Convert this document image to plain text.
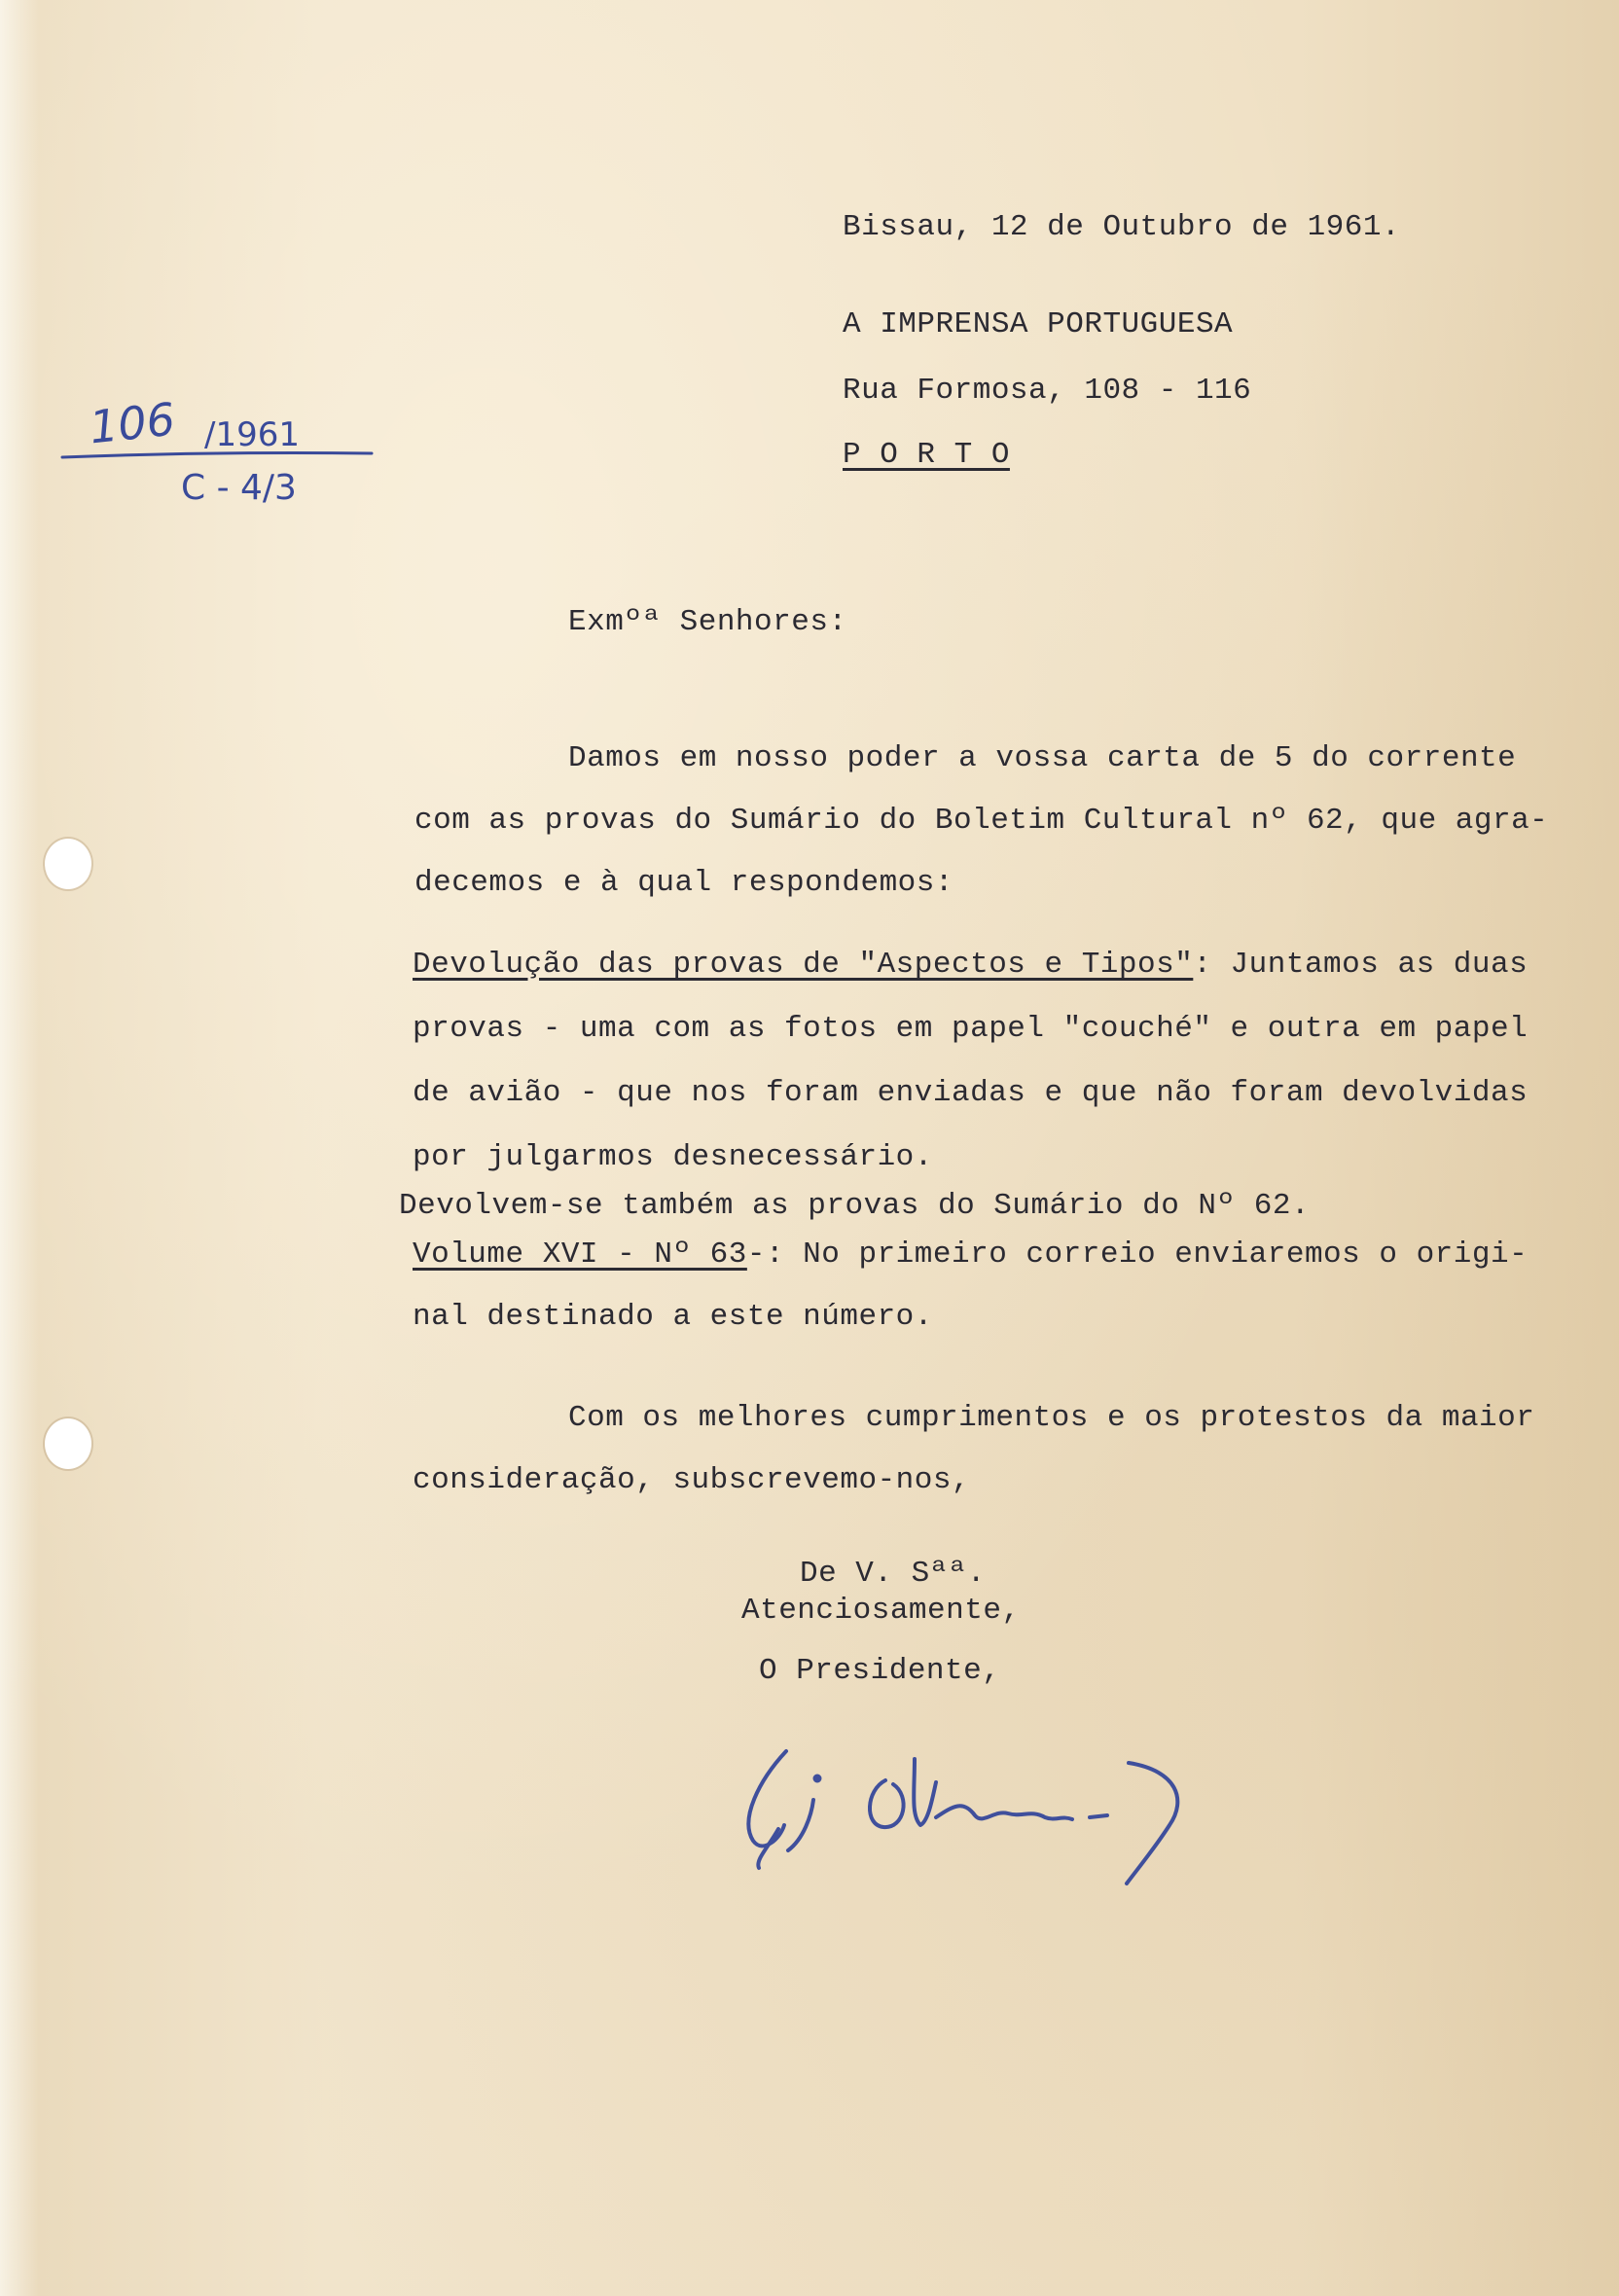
106 /1961
C - 4/3
Bissau, 12 de Outubro de 1961.
A IMPRENSA PORTUGUESA
Rua Formosa, 108 - 116
P O R T O
Exmºª Senhores:
Damos em nosso poder a vossa carta de 5 do corrente
com as provas do Sumário do Boletim Cultural nº 62, que agra-
decemos e à qual respondemos:
Devolução das provas de "Aspectos e Tipos": Juntamos as duas
provas - uma com as fotos em papel "couché" e outra em papel
de avião - que nos foram enviadas e que não foram devolvidas
por julgarmos desnecessário.
Devolvem-se também as provas do Sumário do Nº 62.
Volume XVI - Nº 63-: No primeiro correio enviaremos o origi-
nal destinado a este número.
Com os melhores cumprimentos e os protestos da maior
consideração, subscrevemo-nos,
De V. Sªª.
Atenciosamente,
O Presidente,
